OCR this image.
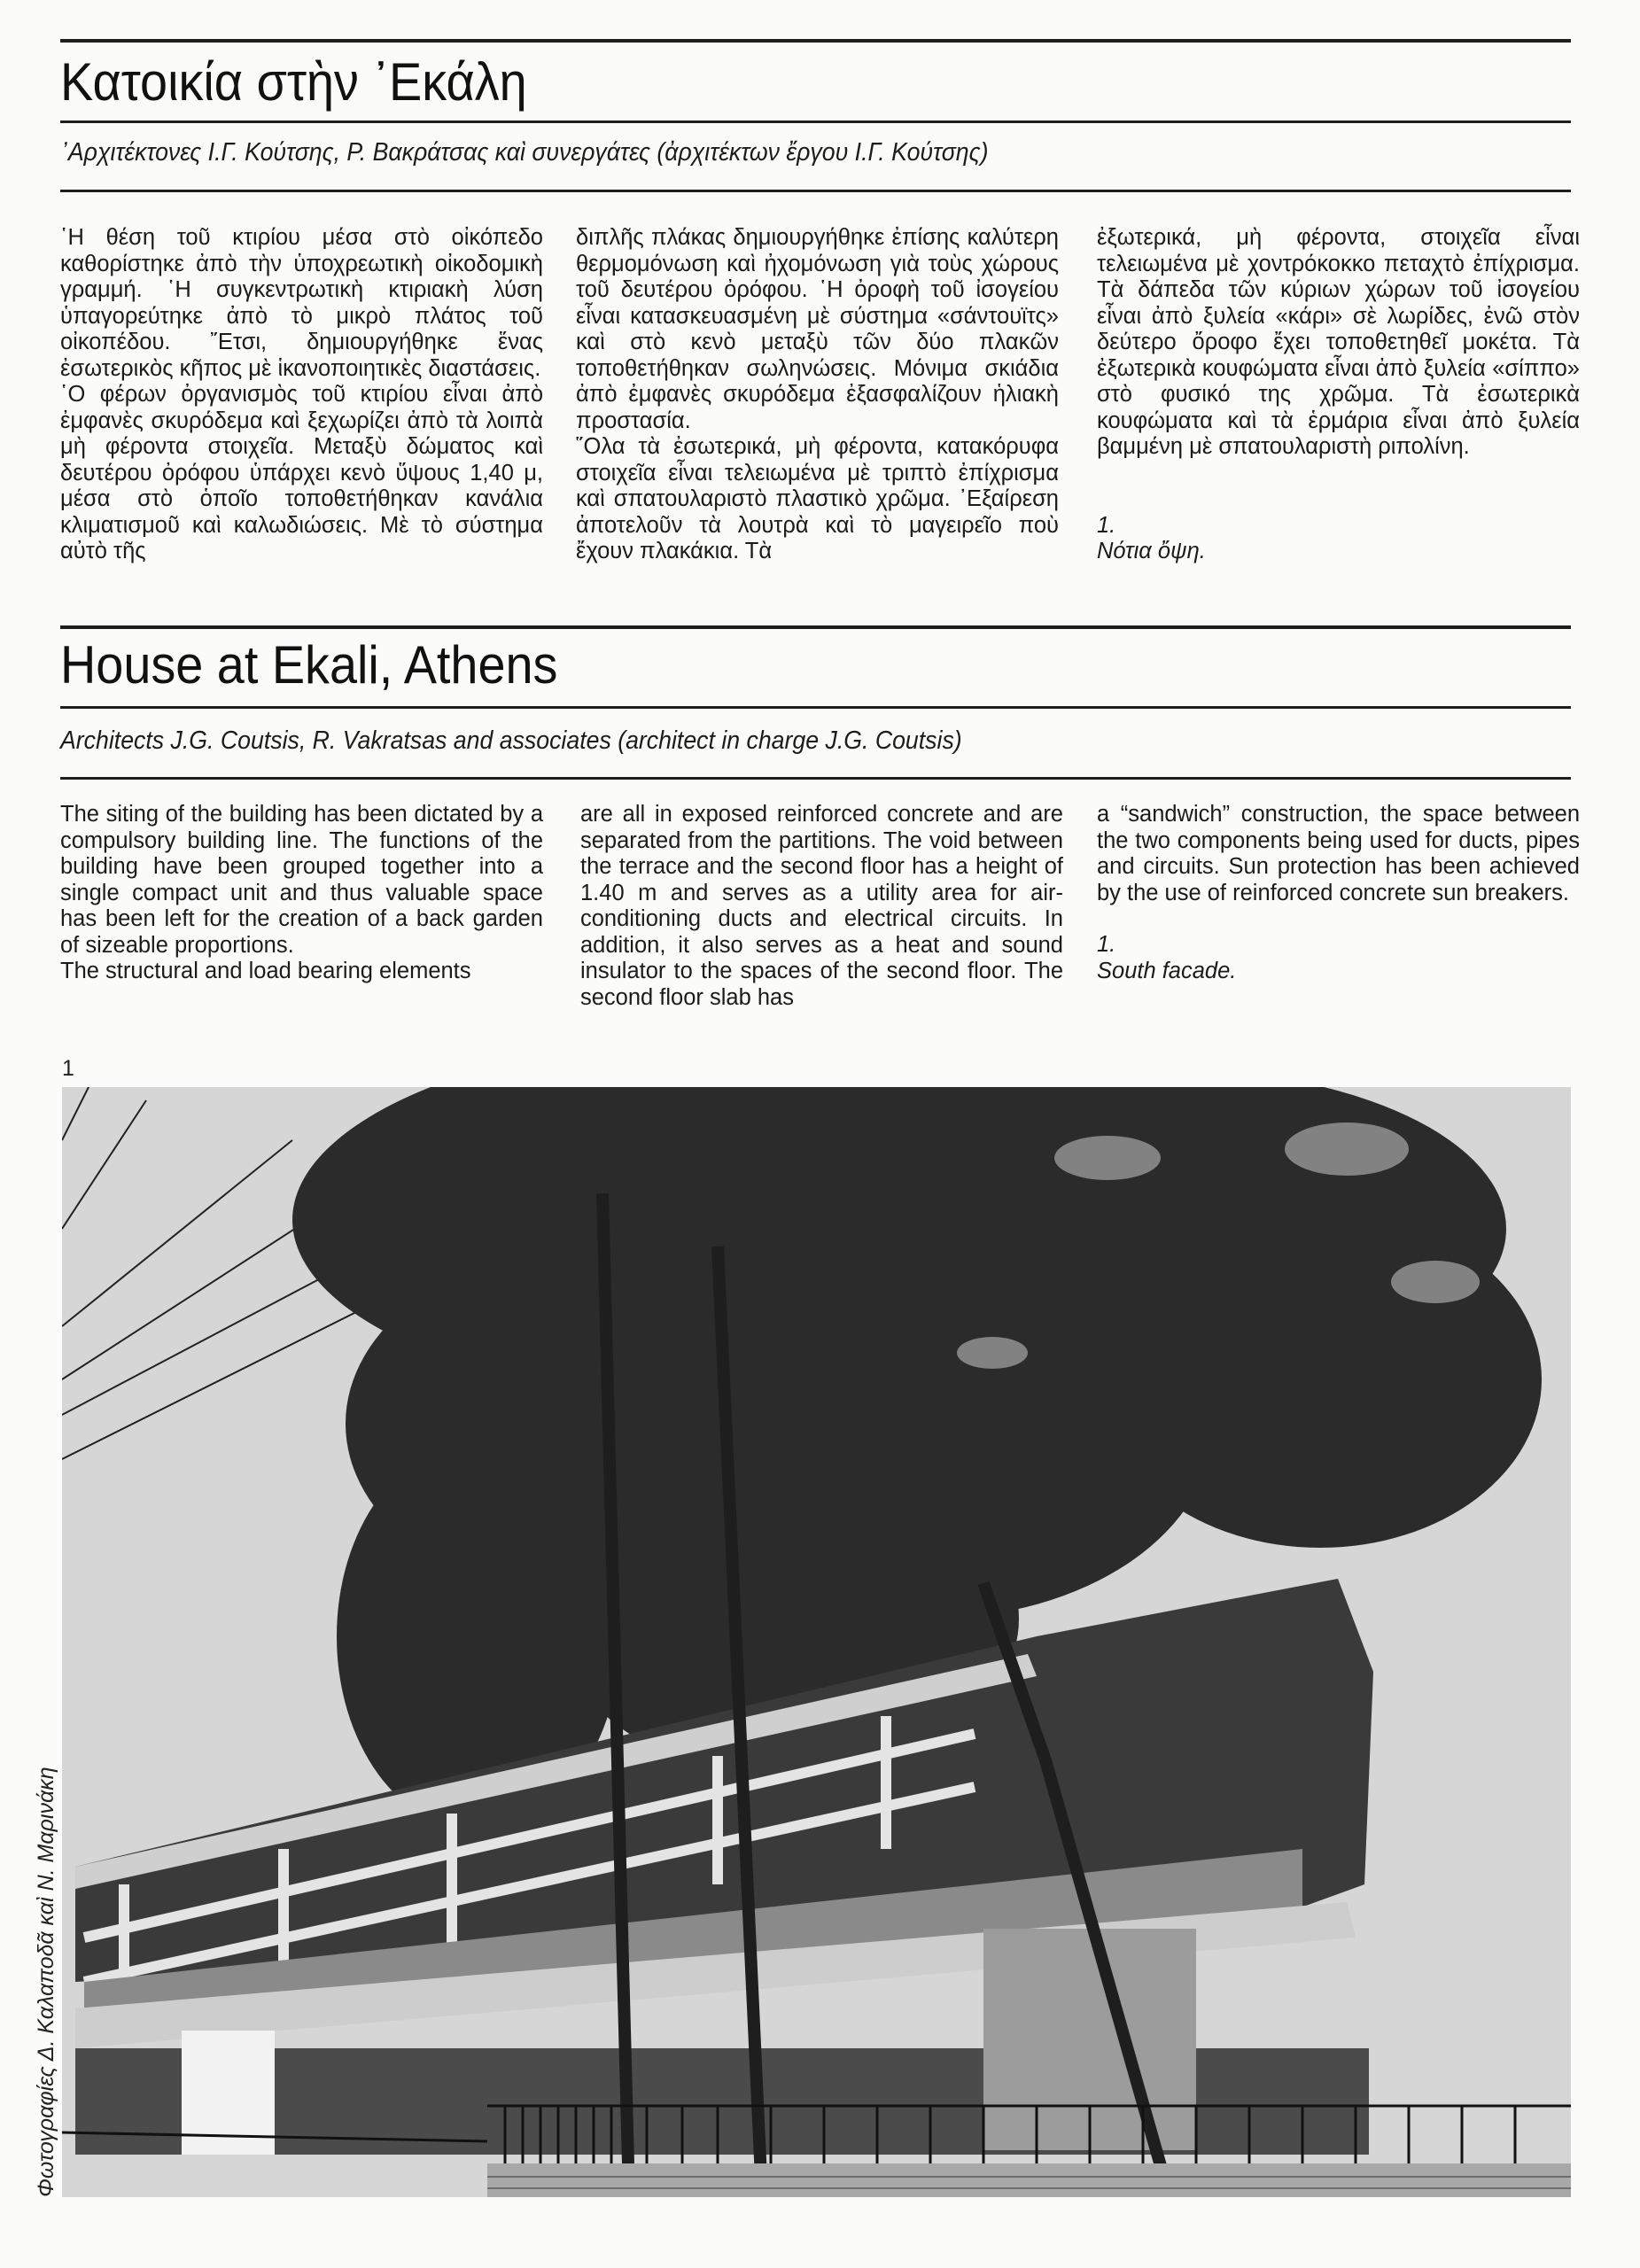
Κατοικία στὴν ᾽Εκάλη
᾽Αρχιτέκτονες Ι.Γ. Κούτσης, Ρ. Βακράτσας καὶ συνεργάτες (ἀρχιτέκτων ἔργου Ι.Γ. Κούτσης)

῾Η θέση τοῦ κτιρίου μέσα στὸ οἰκόπεδο καθορίστηκε ἀπὸ τὴν ὑποχρεωτικὴ οἰκοδομικὴ γραμμή. ῾Η συγκεντρωτικὴ κτιριακὴ λύση ὑπαγορεύτηκε ἀπὸ τὸ μικρὸ πλάτος τοῦ οἰκοπέδου. ῎Ετσι, δημιουργήθηκε ἕνας ἐσωτερικὸς κῆπος μὲ ἱκανοποιητικὲς διαστάσεις.

῾Ο φέρων ὀργανισμὸς τοῦ κτιρίου εἶναι ἀπὸ ἐμφανὲς σκυρόδεμα καὶ ξεχωρίζει ἀπὸ τὰ λοιπὰ μὴ φέροντα στοιχεῖα. Μεταξὺ δώματος καὶ δευτέρου ὀρόφου ὑπάρχει κενὸ ὕψους 1,40 μ, μέσα στὸ ὁποῖο τοποθετήθηκαν κανάλια κλιματισμοῦ καὶ καλωδιώσεις. Μὲ τὸ σύστημα αὐτὸ τῆς

διπλῆς πλάκας δημιουργήθηκε ἐπίσης καλύτερη θερμομόνωση καὶ ἠχομόνωση γιὰ τοὺς χώρους τοῦ δευτέρου ὀρόφου. ῾Η ὀροφὴ τοῦ ἰσογείου εἶναι κατασκευασμένη μὲ σύστημα «σάντουϊτς» καὶ στὸ κενὸ μεταξὺ τῶν δύο πλακῶν τοποθετήθηκαν σωληνώσεις. Μόνιμα σκιάδια ἀπὸ ἐμφανὲς σκυρόδεμα ἐξασφαλίζουν ἡλιακὴ προστασία.

῞Ολα τὰ ἐσωτερικά, μὴ φέροντα, κατακόρυφα στοιχεῖα εἶναι τελειωμένα μὲ τριπτὸ ἐπίχρισμα καὶ σπατουλαριστὸ πλαστικὸ χρῶμα. ᾽Εξαίρεση ἀποτελοῦν τὰ λουτρὰ καὶ τὸ μαγειρεῖο ποὺ ἔχουν πλακάκια. Τὰ

ἐξωτερικά, μὴ φέροντα, στοιχεῖα εἶναι τελειωμένα μὲ χοντρόκοκκο πεταχτὸ ἐπίχρισμα. Τὰ δάπεδα τῶν κύριων χώρων τοῦ ἰσογείου εἶναι ἀπὸ ξυλεία «κάρι» σὲ λωρίδες, ἐνῶ στὸν δεύτερο ὄροφο ἔχει τοποθετηθεῖ μοκέτα. Τὰ ἐξωτερικὰ κουφώματα εἶναι ἀπὸ ξυλεία «σίππο» στὸ φυσικό της χρῶμα. Τὰ ἐσωτερικὰ κουφώματα καὶ τὰ ἑρμάρια εἶναι ἀπὸ ξυλεία βαμμένη μὲ σπατουλαριστὴ ριπολίνη.

1.

Νότια ὄψη.

House at Ekali, Athens
Architects J.G. Coutsis, R. Vakratsas and associates (architect in charge J.G. Coutsis)

The siting of the building has been dictated by a compulsory building line. The functions of the building have been grouped together into a single compact unit and thus valuable space has been left for the creation of a back garden of sizeable proportions.

The structural and load bearing elements

are all in exposed reinforced concrete and are separated from the partitions. The void between the terrace and the second floor has a height of 1.40 m and serves as a utility area for air-conditioning ducts and electrical circuits. In addition, it also serves as a heat and sound insulator to the spaces of the second floor. The second floor slab has

a “sandwich” construction, the space between the two components being used for ducts, pipes and circuits. Sun protection has been achieved by the use of reinforced concrete sun breakers.

1.

South facade.

1
Φωτογραφίες Δ. Καλαποδᾶ καὶ Ν. Μαρινάκη
